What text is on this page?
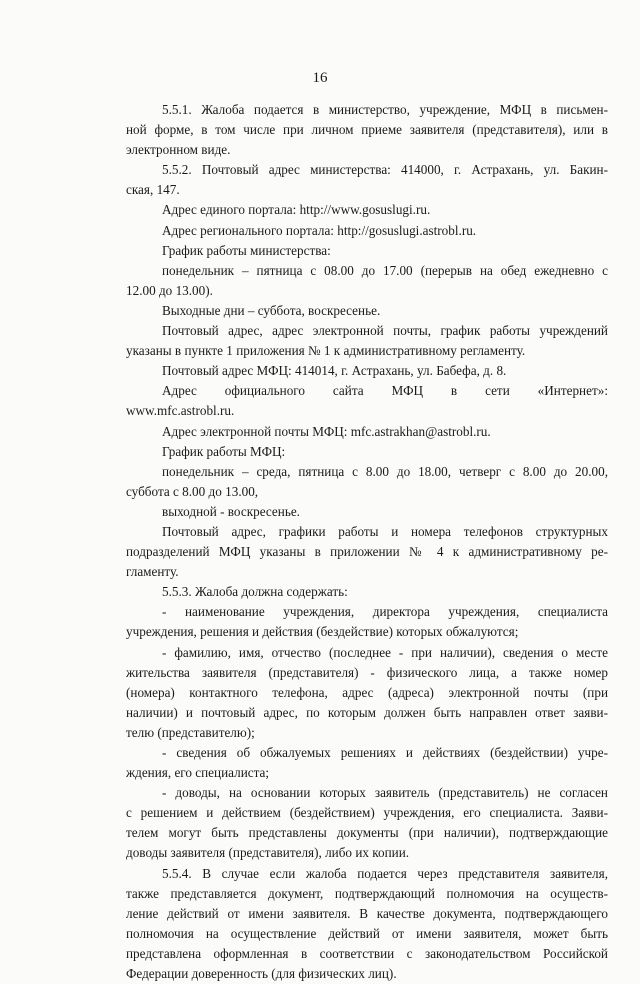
16
5.5.1. Жалоба подается в министерство, учреждение, МФЦ в письмен-
ной форме, в том числе при личном приеме заявителя (представителя), или в
электронном виде.
5.5.2. Почтовый адрес министерства: 414000, г. Астрахань, ул. Бакин-
ская, 147.
Адрес единого портала: http://www.gosuslugi.ru.
Адрес регионального портала: http://gosuslugi.astrobl.ru.
График работы министерства:
понедельник – пятница с 08.00 до 17.00 (перерыв на обед ежедневно с
12.00 до 13.00).
Выходные дни – суббота, воскресенье.
Почтовый адрес, адрес электронной почты, график работы учреждений
указаны в пункте 1 приложения № 1 к административному регламенту.
Почтовый адрес МФЦ: 414014, г. Астрахань, ул. Бабефа, д. 8.
Адрес официального сайта МФЦ в сети «Интернет»:
www.mfc.astrobl.ru.
Адрес электронной почты МФЦ: mfc.astrakhan@astrobl.ru.
График работы МФЦ:
понедельник – среда, пятница с 8.00 до 18.00, четверг с 8.00 до 20.00,
суббота с 8.00 до 13.00,
выходной - воскресенье.
Почтовый адрес, графики работы и номера телефонов структурных
подразделений МФЦ указаны в приложении № 4 к административному ре-
гламенту.
5.5.3. Жалоба должна содержать:
- наименование учреждения, директора учреждения, специалиста
учреждения, решения и действия (бездействие) которых обжалуются;
- фамилию, имя, отчество (последнее - при наличии), сведения о месте
жительства заявителя (представителя) - физического лица, а также номер
(номера) контактного телефона, адрес (адреса) электронной почты (при
наличии) и почтовый адрес, по которым должен быть направлен ответ заяви-
телю (представителю);
- сведения об обжалуемых решениях и действиях (бездействии) учре-
ждения, его специалиста;
- доводы, на основании которых заявитель (представитель) не согласен
с решением и действием (бездействием) учреждения, его специалиста. Заяви-
телем могут быть представлены документы (при наличии), подтверждающие
доводы заявителя (представителя), либо их копии.
5.5.4. В случае если жалоба подается через представителя заявителя,
также представляется документ, подтверждающий полномочия на осуществ-
ление действий от имени заявителя. В качестве документа, подтверждающего
полномочия на осуществление действий от имени заявителя, может быть
представлена оформленная в соответствии с законодательством Российской
Федерации доверенность (для физических лиц).
